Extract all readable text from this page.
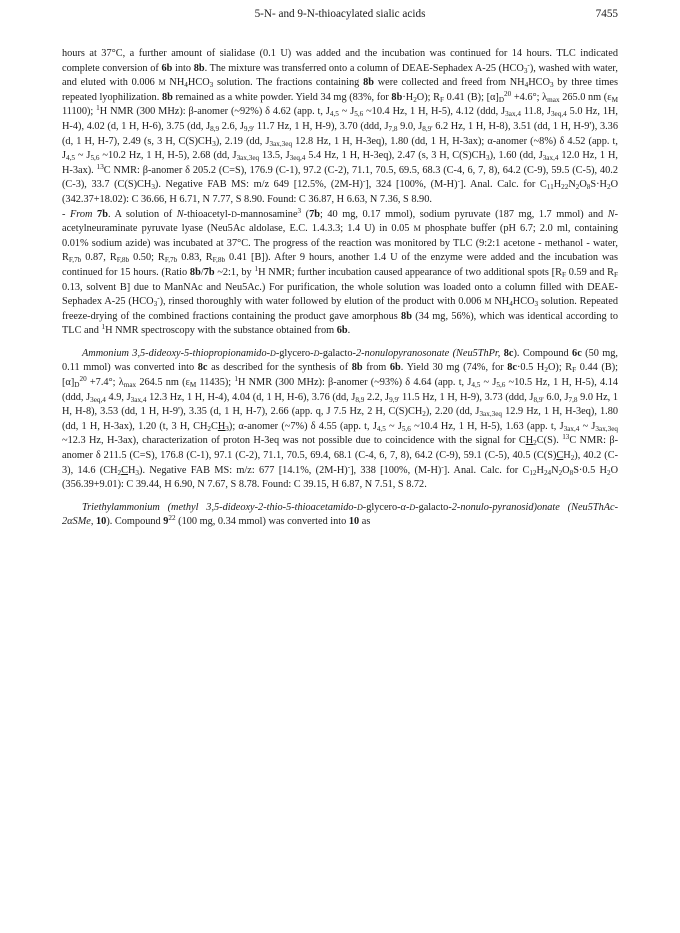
5-N- and 9-N-thioacylated sialic acids	7455

hours at 37°C, a further amount of sialidase (0.1 U) was added and the incubation was continued for 14 hours. TLC indicated complete conversion of 6b into 8b. The mixture was transferred onto a column of DEAE-Sephadex A-25 $(HCO_3^-)$, washed with water, and eluted with 0.006 M $NH_4HCO_3$ solution. The fractions containing 8b were collected and freed from $NH_4HCO_3$ by three times repeated lyophilization. 8b remained as a white powder. Yield 34 mg (83%, for $8b\cdot H_2O$); $R_F$ 0.41 (B); $[\alpha]_D^{20} +4.6^\circ$; $\lambda_{max}$ 265.0 nm ($\varepsilon_M$ 11100); $^1$H NMR (300 MHz): β-anomer (~92%) δ 4.62 (app. t, $J_{4,5}$ ~ $J_{5,6}$ ~10.4 Hz, 1 H, H-5), 4.12 (ddd, $J_{3ax,4}$ 11.8, $J_{3eq,4}$ 5.0 Hz, 1H, H-4), 4.02 (d, 1 H, H-6), 3.75 (dd, $J_{8,9}$ 2.6, $J_{9,9'}$ 11.7 Hz, 1 H, H-9), 3.70 (ddd, $J_{7,8}$ 9.0, $J_{8,9'}$ 6.2 Hz, 1 H, H-8), 3.51 (dd, 1 H, H-9'), 3.36 (d, 1 H, H-7), 2.49 (s, 3 H, $C(S)CH_3$), 2.19 (dd, $J_{3ax,3eq}$ 12.8 Hz, 1 H, H-3eq), 1.80 (dd, 1 H, H-3ax); α-anomer (~8%) δ 4.52 (app. t, $J_{4,5}$ ~ $J_{5,6}$ ~10.2 Hz, 1 H, H-5), 2.68 (dd, $J_{3ax,3eq}$ 13.5, $J_{3eq,4}$ 5.4 Hz, 1 H, H-3eq), 2.47 (s, 3 H, $C(S)CH_3$), 1.60 (dd, $J_{3ax,4}$ 12.0 Hz, 1 H, H-3ax). $^{13}$C NMR: β-anomer δ 205.2 (C=S), 176.9 (C-1), 97.2 (C-2), 71.1, 70.5, 69.5, 68.3 (C-4, 6, 7, 8), 64.2 (C-9), 59.5 (C-5), 40.2 (C-3), 33.7 $(C(S)CH_3)$. Negative FAB MS: m/z 649 [12.5%, (2M-H)-], 324 [100%, (M-H)-]. Anal. Calc. for $C_{11}H_{22}N_2O_8S\cdot H_2O$ (342.37+18.02): C 36.66, H 6.71, N 7.77, S 8.90. Found: C 36.87, H 6.63, N 7.36, S 8.90.

- From 7b. A solution of N-thioacetyl-D-mannosamine$^3$ (7b; 40 mg, 0.17 mmol), sodium pyruvate (187 mg, 1.7 mmol) and N-acetylneuraminate pyruvate lyase (Neu5Ac aldolase, E.C. 1.4.3.3; 1.4 U) in 0.05 M phosphate buffer (pH 6.7; 2.0 ml, containing 0.01% sodium azide) was incubated at 37°C. The progress of the reaction was monitored by TLC (9:2:1 acetone - methanol - water, $R_{F,7b}$ 0.87, $R_{F,8b}$ 0.50; $R_{F,7b}$ 0.83, $R_{F,8b}$ 0.41 [B]). After 9 hours, another 1.4 U of the enzyme were added and the incubation was continued for 15 hours. (Ratio 8b/7b ~2:1, by $^1$H NMR; further incubation caused appearance of two additional spots [$R_F$ 0.59 and $R_F$ 0.13, solvent B] due to ManNAc and Neu5Ac.) For purification, the whole solution was loaded onto a column filled with DEAE-Sephadex A-25 $(HCO_3^-)$, rinsed thoroughly with water followed by elution of the product with 0.006 M $NH_4HCO_3$ solution. Repeated freeze-drying of the combined fractions containing the product gave amorphous 8b (34 mg, 56%), which was identical according to TLC and $^1$H NMR spectroscopy with the substance obtained from 6b.

Ammonium 3,5-dideoxy-5-thiopropionamido-D-glycero-D-galacto-2-nonulopyranosonate (Neu5ThPr, 8c). Compound 6c (50 mg, 0.11 mmol) was converted into 8c as described for the synthesis of 8b from 6b. Yield 30 mg (74%, for 8c·0.5 $H_2O$); $R_F$ 0.44 (B); $[\alpha]_D^{20} +7.4^\circ$; $\lambda_{max}$ 264.5 nm ($\varepsilon_M$ 11435); $^1$H NMR (300 MHz): β-anomer (~93%) δ 4.64 (app. t, $J_{4,5}$ ~ $J_{5,6}$ ~10.5 Hz, 1 H, H-5), 4.14 (ddd, $J_{3eq,4}$ 4.9, $J_{3ax,4}$ 12.3 Hz, 1 H, H-4), 4.04 (d, 1 H, H-6), 3.76 (dd, $J_{8,9}$ 2.2, $J_{9,9'}$ 11.5 Hz, 1 H, H-9), 3.73 (ddd, $J_{8,9'}$ 6.0, $J_{7,8}$ 9.0 Hz, 1 H, H-8), 3.53 (dd, 1 H, H-9'), 3.35 (d, 1 H, H-7), 2.66 (app. q, J 7.5 Hz, 2 H, $C(S)CH_2$), 2.20 (dd, $J_{3ax,3eq}$ 12.9 Hz, 1 H, H-3eq), 1.80 (dd, 1 H, H-3ax), 1.20 (t, 3 H, $CH_2CH_3$); α-anomer (~7%) δ 4.55 (app. t, $J_{4,5}$ ~ $J_{5,6}$ ~10.4 Hz, 1 H, H-5), 1.63 (app. t, $J_{3ax,4}$ ~ $J_{3ax,3eq}$ ~12.3 Hz, H-3ax), characterization of proton H-3eq was not possible due to coincidence with the signal for $CH_2C(S)$. $^{13}$C NMR: β-anomer δ 211.5 (C=S), 176.8 (C-1), 97.1 (C-2), 71.1, 70.5, 69.4, 68.1 (C-4, 6, 7, 8), 64.2 (C-9), 59.1 (C-5), 40.5 $(C(S)CH_2)$, 40.2 (C-3), 14.6 $(CH_2CH_3)$. Negative FAB MS: m/z: 677 [14.1%, (2M-H)-], 338 [100%, (M-H)-]. Anal. Calc. for $C_{12}H_{24}N_2O_8S\cdot 0.5$ $H_2O$ (356.39+9.01): C 39.44, H 6.90, N 7.67, S 8.78. Found: C 39.15, H 6.87, N 7.51, S 8.72.

Triethylammonium (methyl 3,5-dideoxy-2-thio-5-thioacetamido-D-glycero-α-D-galacto-2-nonulo-pyranosid)onate (Neu5ThAc-2αSMe, 10). Compound $9^{22}$ (100 mg, 0.34 mmol) was converted into 10 as
